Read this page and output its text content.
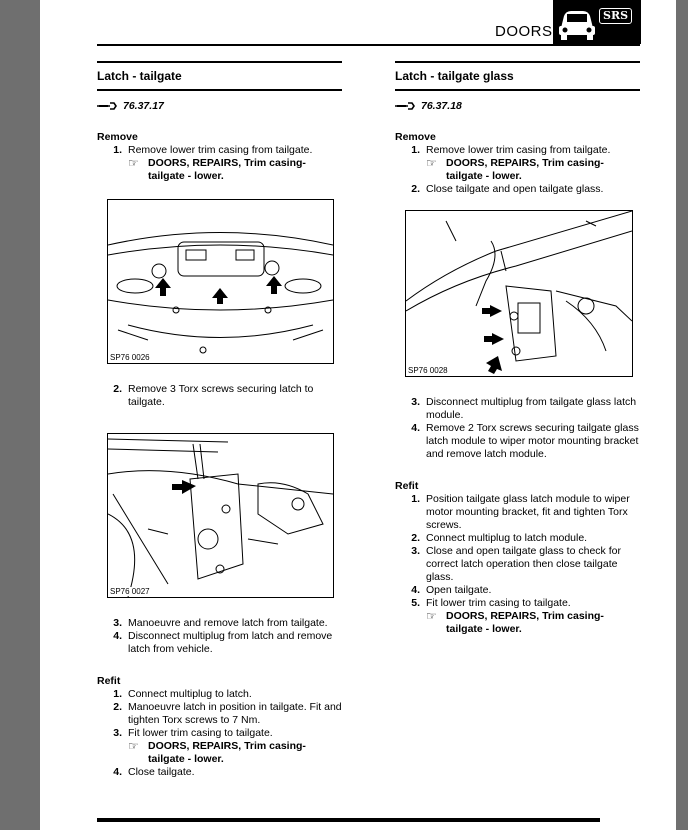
DOORS
SRS
Latch - tailgate
76.37.17
Remove
1. Remove lower trim casing from tailgate.
☞ DOORS, REPAIRS, Trim casing-tailgate - lower.
SP76 0026
2. Remove 3 Torx screws securing latch to tailgate.
SP76 0027
3. Manoeuvre and remove latch from tailgate.
4. Disconnect multiplug from latch and remove latch from vehicle.
Refit
1. Connect multiplug to latch.
2. Manoeuvre latch in position in tailgate. Fit and tighten Torx screws to 7 Nm.
3. Fit lower trim casing to tailgate.
☞ DOORS, REPAIRS, Trim casing-tailgate - lower.
4. Close tailgate.
Latch - tailgate glass
76.37.18
Remove
1. Remove lower trim casing from tailgate.
☞ DOORS, REPAIRS, Trim casing-tailgate - lower.
2. Close tailgate and open tailgate glass.
SP76 0028
3. Disconnect multiplug from tailgate glass latch module.
4. Remove 2 Torx screws securing tailgate glass latch module to wiper motor mounting bracket and remove latch module.
Refit
1. Position tailgate glass latch module to wiper motor mounting bracket, fit and tighten Torx screws.
2. Connect multiplug to latch module.
3. Close and open tailgate glass to check for correct latch operation then close tailgate glass.
4. Open tailgate.
5. Fit lower trim casing to tailgate.
☞ DOORS, REPAIRS, Trim casing-tailgate - lower.
